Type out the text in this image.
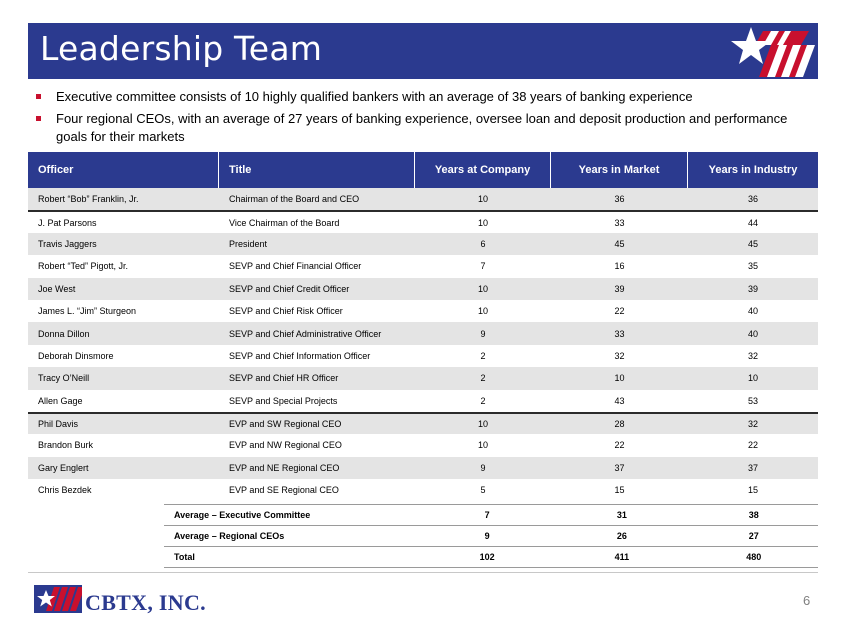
Leadership Team
Executive committee consists of 10 highly qualified bankers with an average of 38 years of banking experience
Four regional CEOs, with an average of 27 years of banking experience, oversee loan and deposit production and performance goals for their markets
Officer	Title	Years at Company	Years in Market	Years in Industry
Robert “Bob” Franklin, Jr.	Chairman of the Board and CEO	10	36	36
J. Pat Parsons	Vice Chairman of the Board	10	33	44
Travis Jaggers	President	6	45	45
Robert “Ted” Pigott, Jr.	SEVP and Chief Financial Officer	7	16	35
Joe West	SEVP and Chief Credit Officer	10	39	39
James L. “Jim” Sturgeon	SEVP and Chief Risk Officer	10	22	40
Donna Dillon	SEVP and Chief Administrative Officer	9	33	40
Deborah Dinsmore	SEVP and Chief Information Officer	2	32	32
Tracy O’Neill	SEVP and Chief HR Officer	2	10	10
Allen Gage	SEVP and Special Projects	2	43	53
Phil Davis	EVP and SW Regional CEO	10	28	32
Brandon Burk	EVP and NW Regional CEO	10	22	22
Gary Englert	EVP and NE Regional CEO	9	37	37
Chris Bezdek	EVP and SE Regional CEO	5	15	15
Average – Executive Committee	7	31	38
Average – Regional CEOs	9	26	27
Total	102	411	480
CBTX, INC.	6
